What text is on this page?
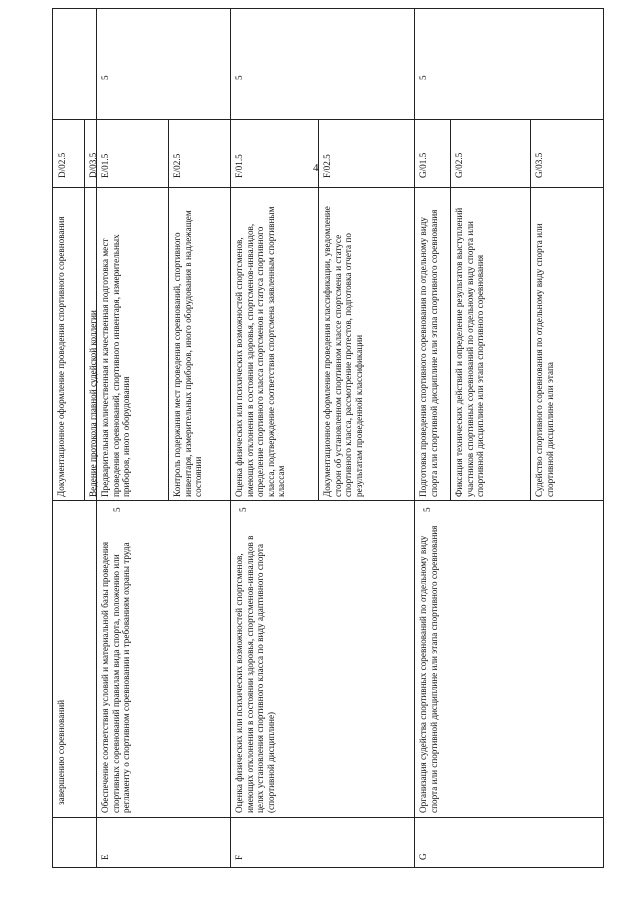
4
завершению соревнований
Документационное оформление проведения спортивного соревнования
D/02.5
Ведение протокола главной судейской коллегии
D/03.5
E
Обеспечение соответствия условий и материальной базы проведения спортивных соревнований правилам вида спорта, положению или регламенту о спортивном соревновании и требованиям охраны труда
5
Предварительная количественная и качественная подготовка мест проведения соревнований, спортивного инвентаря, измерительных приборов, иного оборудования
E/01.5
5
Контроль подержания мест проведения соревнований, спортивного инвентаря, измерительных приборов, иного оборудования в надлежащем состоянии
E/02.5
F
Оценка физических или психических возможностей спортсменов, имеющих отклонения в состоянии здоровья, спортсменов-инвалидов в целях установления спортивного класса по виду адаптивного спорта (спортивной дисциплине)
5
Оценка физических или психических возможностей спортсменов, имеющих отклонения в состоянии здоровья, спортсменов-инвалидов, определение спортивного класса спортсменов и статуса спортивного класса, подтверждение соответствия спортсмена заявленным спортивным классам
F/01.5
5
Документационное оформление проведения классификации, уведомление сторон об установленном спортивном классе спортсмена и статусе спортивного класса, рассмотрение протестов, подготовка отчета по результатам проведенной классификации
F/02.5
G
Организация судейства спортивных соревнований по отдельному виду спорта или спортивной дисциплине или этапа спортивного соревнования
5
Подготовка проведения спортивного соревнования по отдельному виду спорта или спортивной дисциплине или этапа спортивного соревнования
G/01.5
5
Фиксация технических действий и определение результатов выступлений участников спортивных соревнований по отдельному виду спорта или спортивной дисциплине или этапа спортивного соревнования
G/02.5
Судейство спортивного соревнования по отдельному виду спорта или спортивной дисциплине или этапа
G/03.5
